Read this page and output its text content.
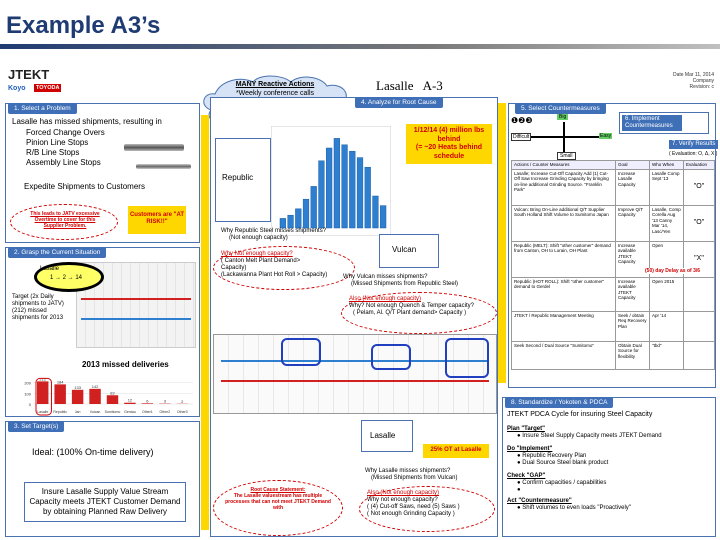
Example A3’s
JTEKT
Koyo	TOYODA	Lasalle   A-3
Date Mar 11, 2014
Company
Revision: c
MANY Reactive Actions
*Weekly conference calls
1. Select a Problem
Lasalle has missed shipments, resulting in
Forced Change Overs
Pinion Line Stops
R/B Line Stops
Assembly Line Stops
Expedite Shipments to Customers
This leads to JATV excessive Overtime to cover for this Supplier Problem.
Customers are "AT RISK!!"
2. Grasp the Current Situation
Lasalle
1 → 2 → 14
Target (2x Daily shipments to JATV) (212) missed shipments for 2013
2013 missed deliveries
0
100
200
212
Lasalle
184
Republic
133
Jan
142
Vulcan
82
Sumitomo
12
Gerdau
6
Other1
3
Other2
2
Other3
3. Set Target(s)
Ideal: (100% On-time delivery)
Insure Lasalle Supply Value Stream Capacity meets JTEKT Customer Demand by obtaining Planned Raw Delivery
4. Analyze for Root Cause
1/12/14 (4) million lbs behind
(= ~20 Heats behind schedule
Republic
Why Republic Steel misses shipments?
(Not enough capacity)
Why Not enough capacity?
( Canton Melt Plant Demand>
Capacity)
(Lackawanna Plant Hot Roll > Capacity)
Vulcan
Why Vulcan misses shipments?
(Missed Shipments from Republic Steel)
Also (Not enough capacity)
Why? Not enough Quench & Temper capacity?
( Pelam, Al. Q/T Plant demand> Capacity )
Lasalle
25% OT at Lasalle
Why Lasalle misses shipments?
(Missed Shipments from Vulcan)
Also (Not enough capacity)
Why not enough capacity?
( (4) Cut-off Saws, need (5) Saws )
( Not enough Grinding Capacity )
Root Cause Statement:
The Lasalle valuestream has multiple processes that can not meet JTEKT Demand with
5. Select Countermeasures
❶❷❸	Big
Small
Difficult	Easy
6. Implement Countermeasures
7. Verify Results
( Evaluation: O, Δ, X )
Actions / Counter Measures	Goal	Who When	Evaluation
Lasalle; Increase Cut-Off Capacity Add (1) Cut-Off Saw Increase Grinding Capacity by bringing on-line additional Grinding Source. "Franklin Park"	Increase Lasalle Capacity	Lasalle Comp Sept '13	"O"
Vulcan: Bring On-Line additional Q/T Supplier South Holland Shift Volume to Sumitomo Japan	Improve Q/T Capacity	Lasalle, Comp Corella Aug '13 Canny Mar '14, Lasc/Yen	"O"
Republic (MELT): Shift "other customer" demand from Canton, OH to Lorain, OH Plant	Increase available JTEKT Capacity	Open	"X"
Republic (HOT ROLL): Shift "other customer" demand to Gerdel	Increase available JTEKT Capacity	Open 2015	
JTEKT / Republic Management Meeting	Seek / obtain Req Recovery Plan	Apr '14	
Seek Second / Dual Source "Sumitomo"	Obtain Dual Source for flexibility	"tbd"	
(50) day Delay as of 3/6
8. Standardize / Yokoten & PDCA
JTEKT PDCA Cycle for insuring Steel Capacity
Plan "Target"
● Insure Steel Supply Capacity meets JTEKT Demand
Do "Implement"
● Republic Recovery Plan
● Dual Source Steel blank product
Check "GAP"
● Confirm capacities / capabilities
●
Act "Countermeasure"
● Shift volumes to even loads "Proactively"
